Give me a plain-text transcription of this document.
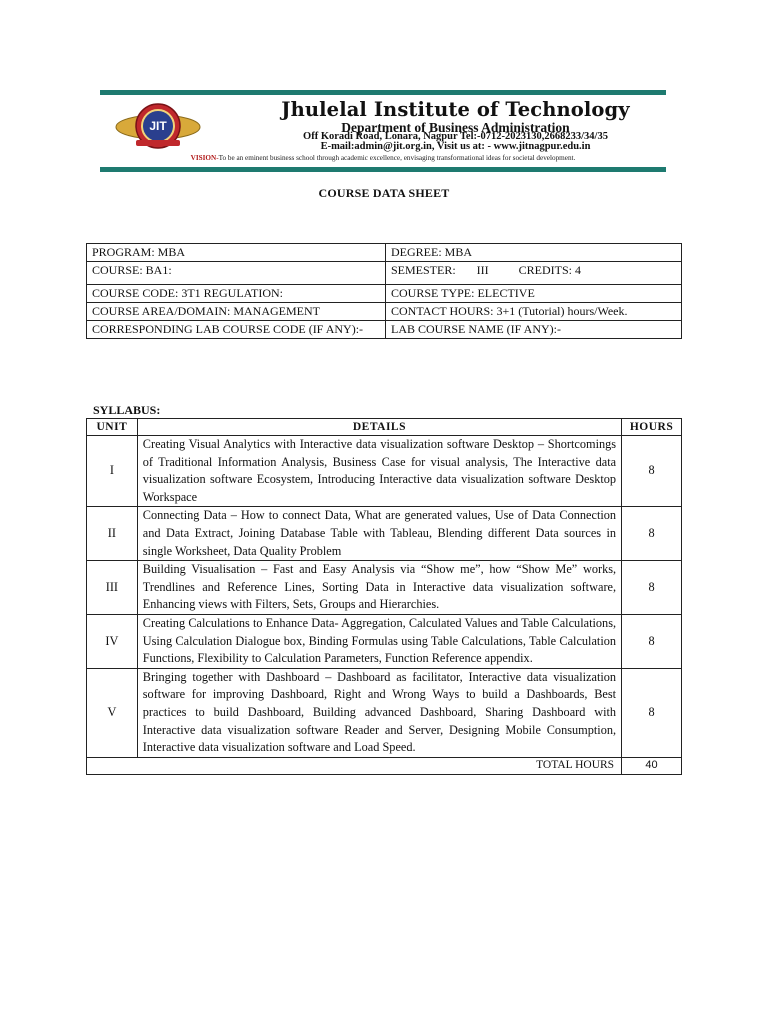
JIT
Jhulelal Institute of Technology
Department of Business Administration
Off Koradi Road, Lonara, Nagpur Tel:-0712-2023130,2668233/34/35
E-mail:admin@jit.org.in, Visit us at: - www.jitnagpur.edu.in
VISION-To be an eminent business school through academic excellence, envisaging transformational ideas for societal development.
COURSE DATA SHEET
PROGRAM: MBA	DEGREE: MBA
COURSE: BA1:	SEMESTER:       III          CREDITS: 4
COURSE CODE: 3T1 REGULATION:	COURSE TYPE: ELECTIVE
COURSE AREA/DOMAIN: MANAGEMENT	CONTACT HOURS: 3+1 (Tutorial) hours/Week.
CORRESPONDING LAB COURSE CODE (IF ANY):-	LAB COURSE NAME (IF ANY):-
SYLLABUS:
UNIT	DETAILS	HOURS
I	Creating Visual Analytics with Interactive data visualization software Desktop – Shortcomings of Traditional Information Analysis, Business Case for visual analysis, The Interactive data visualization software Ecosystem, Introducing Interactive data visualization software Desktop Workspace	8
II	Connecting Data – How to connect Data, What are generated values, Use of Data Connection and Data Extract, Joining Database Table with Tableau, Blending different Data sources in single Worksheet, Data Quality Problem	8
III	Building Visualisation – Fast and Easy Analysis via “Show me”, how “Show Me” works, Trendlines and Reference Lines, Sorting Data in Interactive data visualization software, Enhancing views with Filters, Sets, Groups and Hierarchies.	8
IV	Creating Calculations to Enhance Data- Aggregation, Calculated Values and Table Calculations, Using Calculation Dialogue box, Binding Formulas using Table Calculations, Table Calculation Functions, Flexibility to Calculation Parameters, Function Reference appendix.	8
V	Bringing together with Dashboard – Dashboard as facilitator, Interactive data visualization software for improving Dashboard, Right and Wrong Ways to build a Dashboards, Best practices to build Dashboard, Building advanced Dashboard, Sharing Dashboard with Interactive data visualization software Reader and Server, Designing Mobile Consumption, Interactive data visualization software and Load Speed.	8
TOTAL HOURS		40
